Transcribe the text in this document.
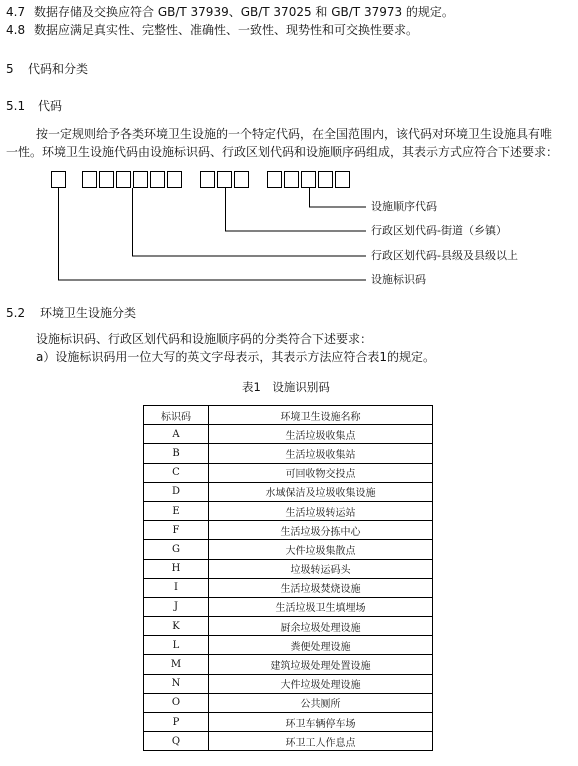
4.7 数据存储及交换应符合 GB/T 37939、GB/T 37025 和 GB/T 37973 的规定。
4.8 数据应满足真实性、完整性、准确性、一致性、现势性和可交换性要求。
5 代码和分类
5.1 代码
按一定规则给予各类环境卫生设施的一个特定代码，在全国范围内，该代码对环境卫生设施具有唯
一性。环境卫生设施代码由设施标识码、行政区划代码和设施顺序码组成，其表示方式应符合下述要求：
设施顺序代码
行政区划代码-街道（乡镇）
行政区划代码-县级及县级以上
设施标识码
5.2 环境卫生设施分类
设施标识码、行政区划代码和设施顺序码的分类符合下述要求：
a）设施标识码用一位大写的英文字母表示，其表示方法应符合表1的规定。
表1　设施识别码
标识码	环境卫生设施名称
A	生活垃圾收集点
B	生活垃圾收集站
C	可回收物交投点
D	水域保洁及垃圾收集设施
E	生活垃圾转运站
F	生活垃圾分拣中心
G	大件垃圾集散点
H	垃圾转运码头
I	生活垃圾焚烧设施
J	生活垃圾卫生填埋场
K	厨余垃圾处理设施
L	粪便处理设施
M	建筑垃圾处理处置设施
N	大件垃圾处理设施
O	公共厕所
P	环卫车辆停车场
Q	环卫工人作息点
